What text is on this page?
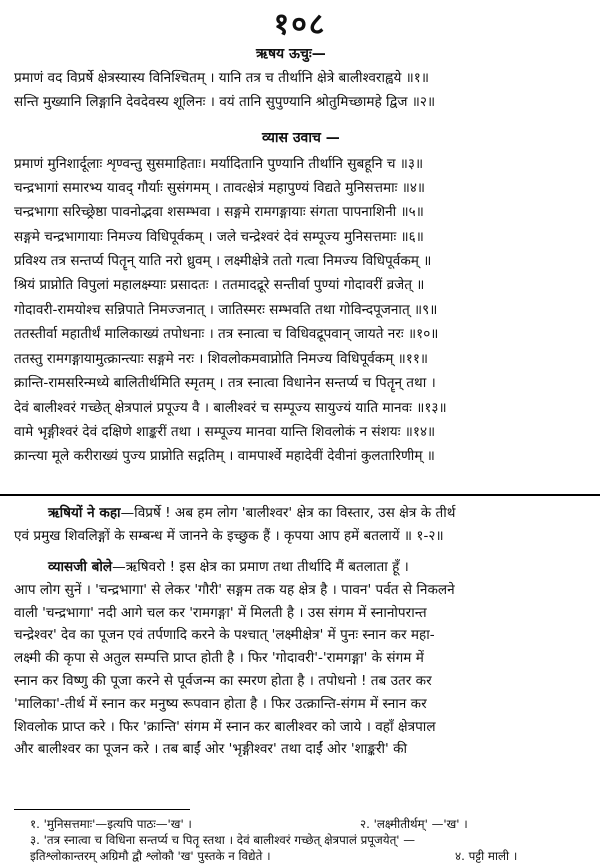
१०८
ऋषय ऊचुः—
प्रमाणं वद विप्रर्षे क्षेत्रस्यास्य विनिश्चितम् । यानि तत्र च तीर्थानि क्षेत्रे बालीश्वराह्वये ॥१॥
सन्ति मुख्यानि लिङ्गानि देवदेवस्य शूलिनः । वयं तानि सुपुण्यानि श्रोतुमिच्छामहे द्विज ॥२॥
व्यास उवाच —
प्रमाणं मुनिशार्दूलाः शृण्वन्तु सुसमाहिताः। मर्यादितानि पुण्यानि तीर्थानि सुबहूनि च ॥३॥
चन्द्रभागां समारभ्य यावद् गौर्याः सुसंगमम् । तावत्क्षेत्रं महापुण्यं विद्यते मुनिसत्तमाः ॥४॥
चन्द्रभागा सरिच्छ्रेष्ठा पावनोद्भवा शसम्भवा । सङ्गमे रामगङ्गायाः संगता पापनाशिनी ॥५॥
सङ्गमे चन्द्रभागायाः निमज्य विधिपूर्वकम् । जले चन्द्रेश्वरं देवं सम्पूज्य मुनिसत्तमाः ॥६॥
प्रविश्य तत्र सन्तर्प्य पितॄन् याति नरो ध्रुवम् । लक्ष्मीक्षेत्रे ततो गत्वा निमज्य विधिपूर्वकम् ॥
श्रियं प्राप्नोति विपुलां महालक्ष्म्याः प्रसादतः । ततमादद्रूरे सन्तीर्वा पुण्यां गोदावरीं व्रजेत् ॥
गोदावरी-रामयोश्च सन्निपाते निमज्जनात् । जातिस्मरः सम्भवति तथा गोविन्दपूजनात् ॥९॥
ततस्तीर्वा महातीर्थं मालिकाख्यं तपोधनाः । तत्र स्नात्वा च विधिवद्रूपवान् जायते नरः ॥१०॥
ततस्तु रामगङ्गायामुत्क्रान्त्याः सङ्गमे नरः । शिवलोकमवाप्नोति निमज्य विधिपूर्वकम् ॥११॥
क्रान्ति-रामसरिन्मध्ये बालितीर्थमिति स्मृतम् । तत्र स्नात्वा विधानेन सन्तर्प्य च पितॄन् तथा ।
देवं बालीश्वरं गच्छेत् क्षेत्रपालं प्रपूज्य वै । बालीश्वरं च सम्पूज्य सायुज्यं याति मानवः ॥१३॥
वामे भृङ्गीश्वरं देवं दक्षिणे शाङ्करीं तथा । सम्पूज्य मानवा यान्ति शिवलोकं न संशयः ॥१४॥
क्रान्त्या मूले करीराख्यं पुज्य प्राप्नोति सद्गतिम् । वामपार्श्वे महादेवीं देवीनां कुलतारिणीम् ॥
ऋषियों ने कहा—विप्रर्षे ! अब हम लोग 'बालीश्वर' क्षेत्र का विस्तार, उस क्षेत्र के तीर्थ
एवं प्रमुख शिवलिङ्गों के सम्बन्ध में जानने के इच्छुक हैं । कृपया आप हमें बतलायें ॥ १-२॥
व्यासजी बोले—ऋषिवरो ! इस क्षेत्र का प्रमाण तथा तीर्थादि मैं बतलाता हूँ ।
आप लोग सुनें । 'चन्द्रभागा' से लेकर 'गौरी' सङ्गम तक यह क्षेत्र है । पावन' पर्वत से निकलने
वाली 'चन्द्रभागा' नदी आगे चल कर 'रामगङ्गा' में मिलती है । उस संगम में स्नानोपरान्त
चन्द्रेश्वर' देव का पूजन एवं तर्पणादि करने के पश्चात् 'लक्ष्मीक्षेत्र' में पुनः स्नान कर महा-
लक्ष्मी की कृपा से अतुल सम्पत्ति प्राप्त होती है । फिर 'गोदावरी'-'रामगङ्गा' के संगम में
स्नान कर विष्णु की पूजा करने से पूर्वजन्म का स्मरण होता है । तपोधनो ! तब उतर कर
'मालिका'-तीर्थ में स्नान कर मनुष्य रूपवान होता है । फिर उत्क्रान्ति-संगम में स्नान कर
शिवलोक प्राप्त करे । फिर 'क्रान्ति' संगम में स्नान कर बालीश्वर को जाये । वहाँ क्षेत्रपाल
और बालीश्वर का पूजन करे । तब बाईं ओर 'भृङ्गीश्वर' तथा दाईं ओर 'शाङ्करी' की
१. 'मुनिसत्तमाः'—इत्यपि पाठः—'ख' ।	२. 'लक्ष्मीतीर्थम्' —'ख' ।
३. 'तत्र स्नात्वा च विधिना सन्तर्प्य च पितॄ स्तथा । देवं बालीश्वरं गच्छेत् क्षेत्रपालं प्रपूजयेत्' —
इतिश्लोकान्तरम् अग्रिमौ द्वौ श्लोकौ 'ख' पुस्तके न विद्येते ।	४. पट्टी माली ।
